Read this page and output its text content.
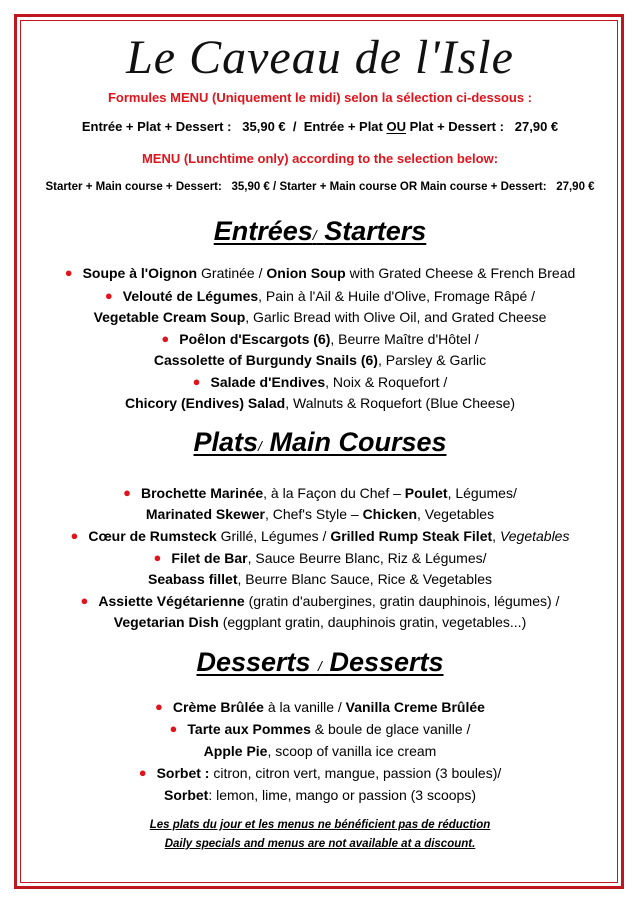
Le Caveau de l'Isle
Formules MENU (Uniquement le midi) selon la sélection ci-dessous :
Entrée + Plat + Dessert : 35,90 € / Entrée + Plat OU Plat + Dessert : 27,90 €
MENU (Lunchtime only) according to the selection below:
Starter + Main course + Dessert: 35,90 € / Starter + Main course OR Main course + Dessert: 27,90 €
Entrées/ Starters
● Soupe à l'Oignon Gratinée / Onion Soup with Grated Cheese & French Bread
● Velouté de Légumes, Pain à l'Ail & Huile d'Olive, Fromage Râpé /
Vegetable Cream Soup, Garlic Bread with Olive Oil, and Grated Cheese
● Poêlon d'Escargots (6), Beurre Maître d'Hôtel /
Cassolette of Burgundy Snails (6), Parsley & Garlic
● Salade d'Endives, Noix & Roquefort /
Chicory (Endives) Salad, Walnuts & Roquefort (Blue Cheese)
Plats/ Main Courses
● Brochette Marinée, à la Façon du Chef – Poulet, Légumes/
Marinated Skewer, Chef's Style – Chicken, Vegetables
● Cœur de Rumsteck Grillé, Légumes / Grilled Rump Steak Filet, Vegetables
● Filet de Bar, Sauce Beurre Blanc, Riz & Légumes/
Seabass fillet, Beurre Blanc Sauce, Rice & Vegetables
● Assiette Végétarienne (gratin d'aubergines, gratin dauphinois, légumes) /
Vegetarian Dish (eggplant gratin, dauphinois gratin, vegetables...)
Desserts / Desserts
● Crème Brûlée à la vanille / Vanilla Creme Brûlée
● Tarte aux Pommes & boule de glace vanille /
Apple Pie, scoop of vanilla ice cream
● Sorbet : citron, citron vert, mangue, passion (3 boules)/
Sorbet: lemon, lime, mango or passion (3 scoops)
Les plats du jour et les menus ne bénéficient pas de réduction
Daily specials and menus are not available at a discount.
